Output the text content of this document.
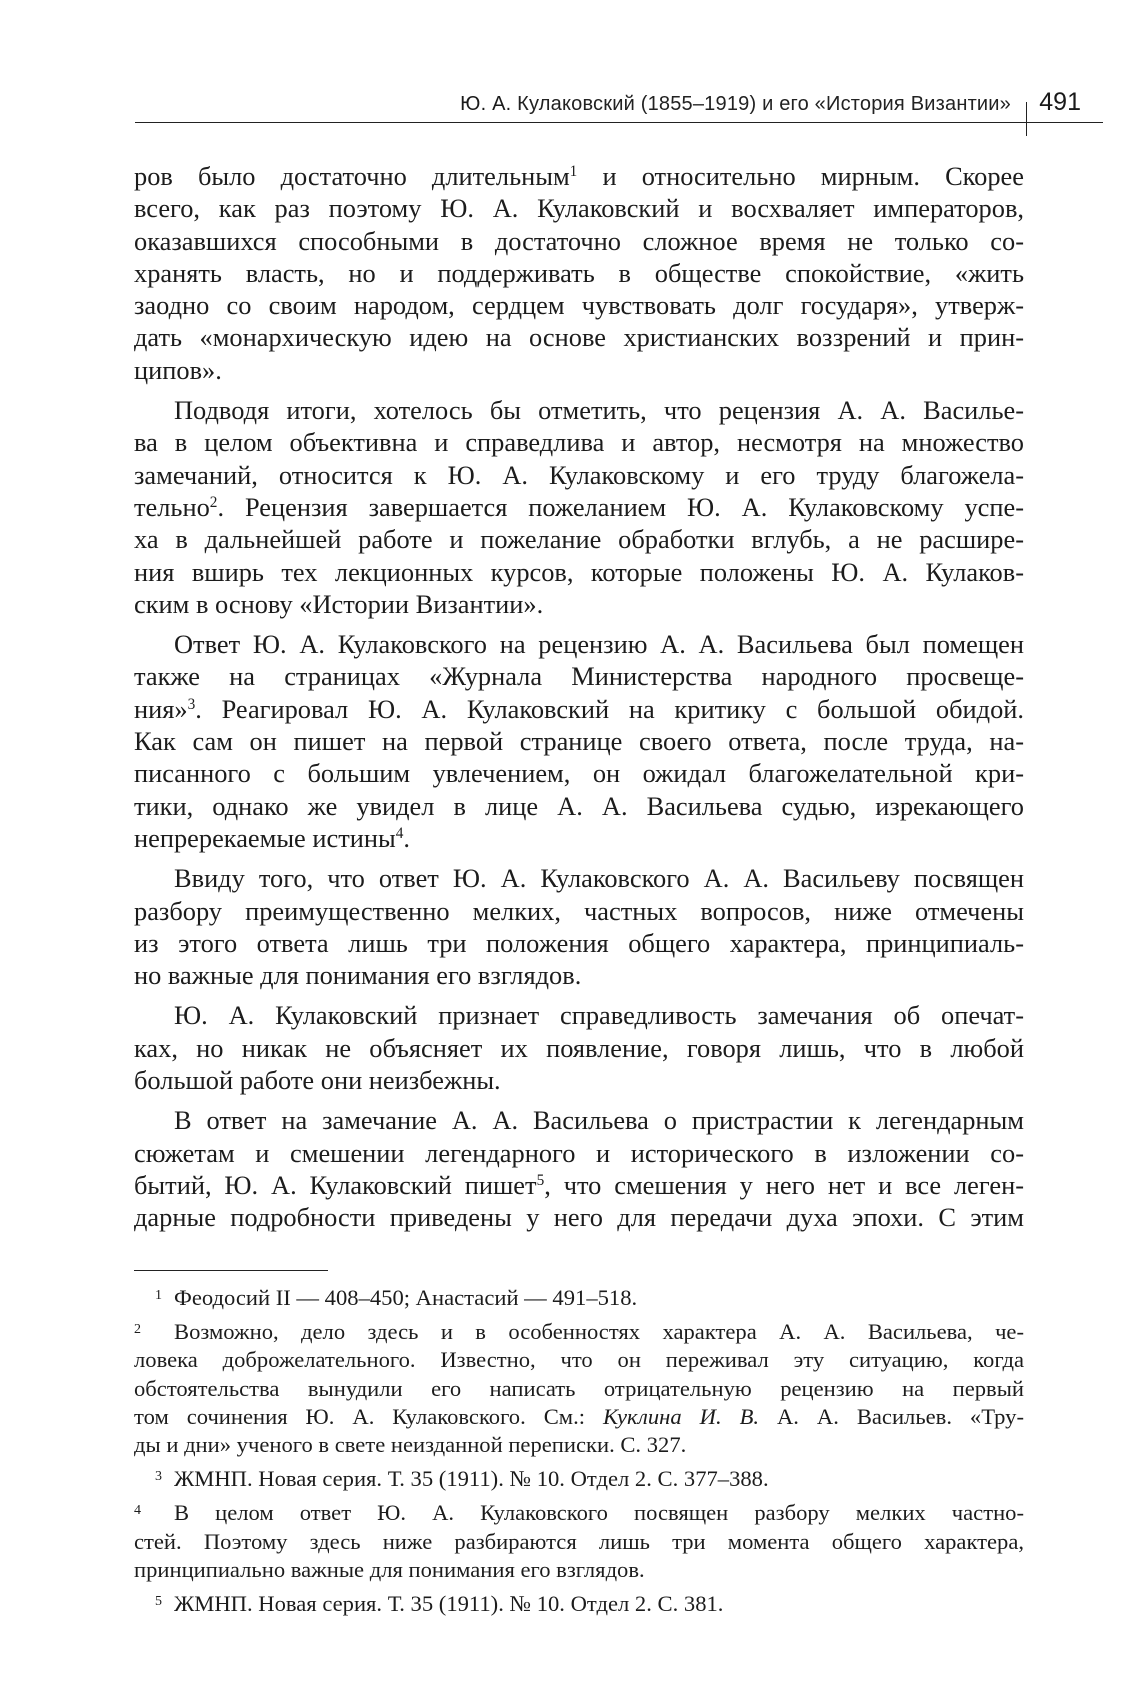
Ю. А. Кулаковский (1855–1919) и его «История Византии» 491

ров было достаточно длительным$^1$ и относительно мирным. Скорее
всего, как раз поэтому Ю. А. Кулаковский и восхваляет императоров,
оказавшихся способными в достаточно сложное время не только со-
хранять власть, но и поддерживать в обществе спокойствие, «жить
заодно со своим народом, сердцем чувствовать долг государя», утверж-
дать «монархическую идею на основе христианских воззрений и прин-
ципов».

Подводя итоги, хотелось бы отметить, что рецензия А. А. Василье-
ва в целом объективна и справедлива и автор, несмотря на множество
замечаний, относится к Ю. А. Кулаковскому и его труду благожела-
тельно$^2$. Рецензия завершается пожеланием Ю. А. Кулаковскому успе-
ха в дальнейшей работе и пожелание обработки вглубь, а не расшире-
ния вширь тех лекционных курсов, которые положены Ю. А. Кулаков-
ским в основу «Истории Византии».

Ответ Ю. А. Кулаковского на рецензию А. А. Васильева был помещен
также на страницах «Журнала Министерства народного просвеще-
ния»$^3$. Реагировал Ю. А. Кулаковский на критику с большой обидой.
Как сам он пишет на первой странице своего ответа, после труда, на-
писанного с большим увлечением, он ожидал благожелательной кри-
тики, однако же увидел в лице А. А. Васильева судью, изрекающего
непререкаемые истины$^4$.

Ввиду того, что ответ Ю. А. Кулаковского А. А. Васильеву посвящен
разбору преимущественно мелких, частных вопросов, ниже отмечены
из этого ответа лишь три положения общего характера, принципиаль-
но важные для понимания его взглядов.

Ю. А. Кулаковский признает справедливость замечания об опечат-
ках, но никак не объясняет их появление, говоря лишь, что в любой
большой работе они неизбежны.

В ответ на замечание А. А. Васильева о пристрастии к легендарным
сюжетам и смешении легендарного и исторического в изложении со-
бытий, Ю. А. Кулаковский пишет$^5$, что смешения у него нет и все леген-
дарные подробности приведены у него для передачи духа эпохи. С этим

1 Феодосий II — 408–450; Анастасий — 491–518.
2 Возможно, дело здесь и в особенностях характера А. А. Васильева, че-
ловека доброжелательного. Известно, что он переживал эту ситуацию, когда
обстоятельства вынудили его написать отрицательную рецензию на первый
том сочинения Ю. А. Кулаковского. См.: Куклина И. В. А. А. Васильев. «Тру-
ды и дни» ученого в свете неизданной переписки. С. 327.
3 ЖМНП. Новая серия. Т. 35 (1911). № 10. Отдел 2. С. 377–388.
4 В целом ответ Ю. А. Кулаковского посвящен разбору мелких частно-
стей. Поэтому здесь ниже разбираются лишь три момента общего характера,
принципиально важные для понимания его взглядов.
5 ЖМНП. Новая серия. Т. 35 (1911). № 10. Отдел 2. С. 381.
